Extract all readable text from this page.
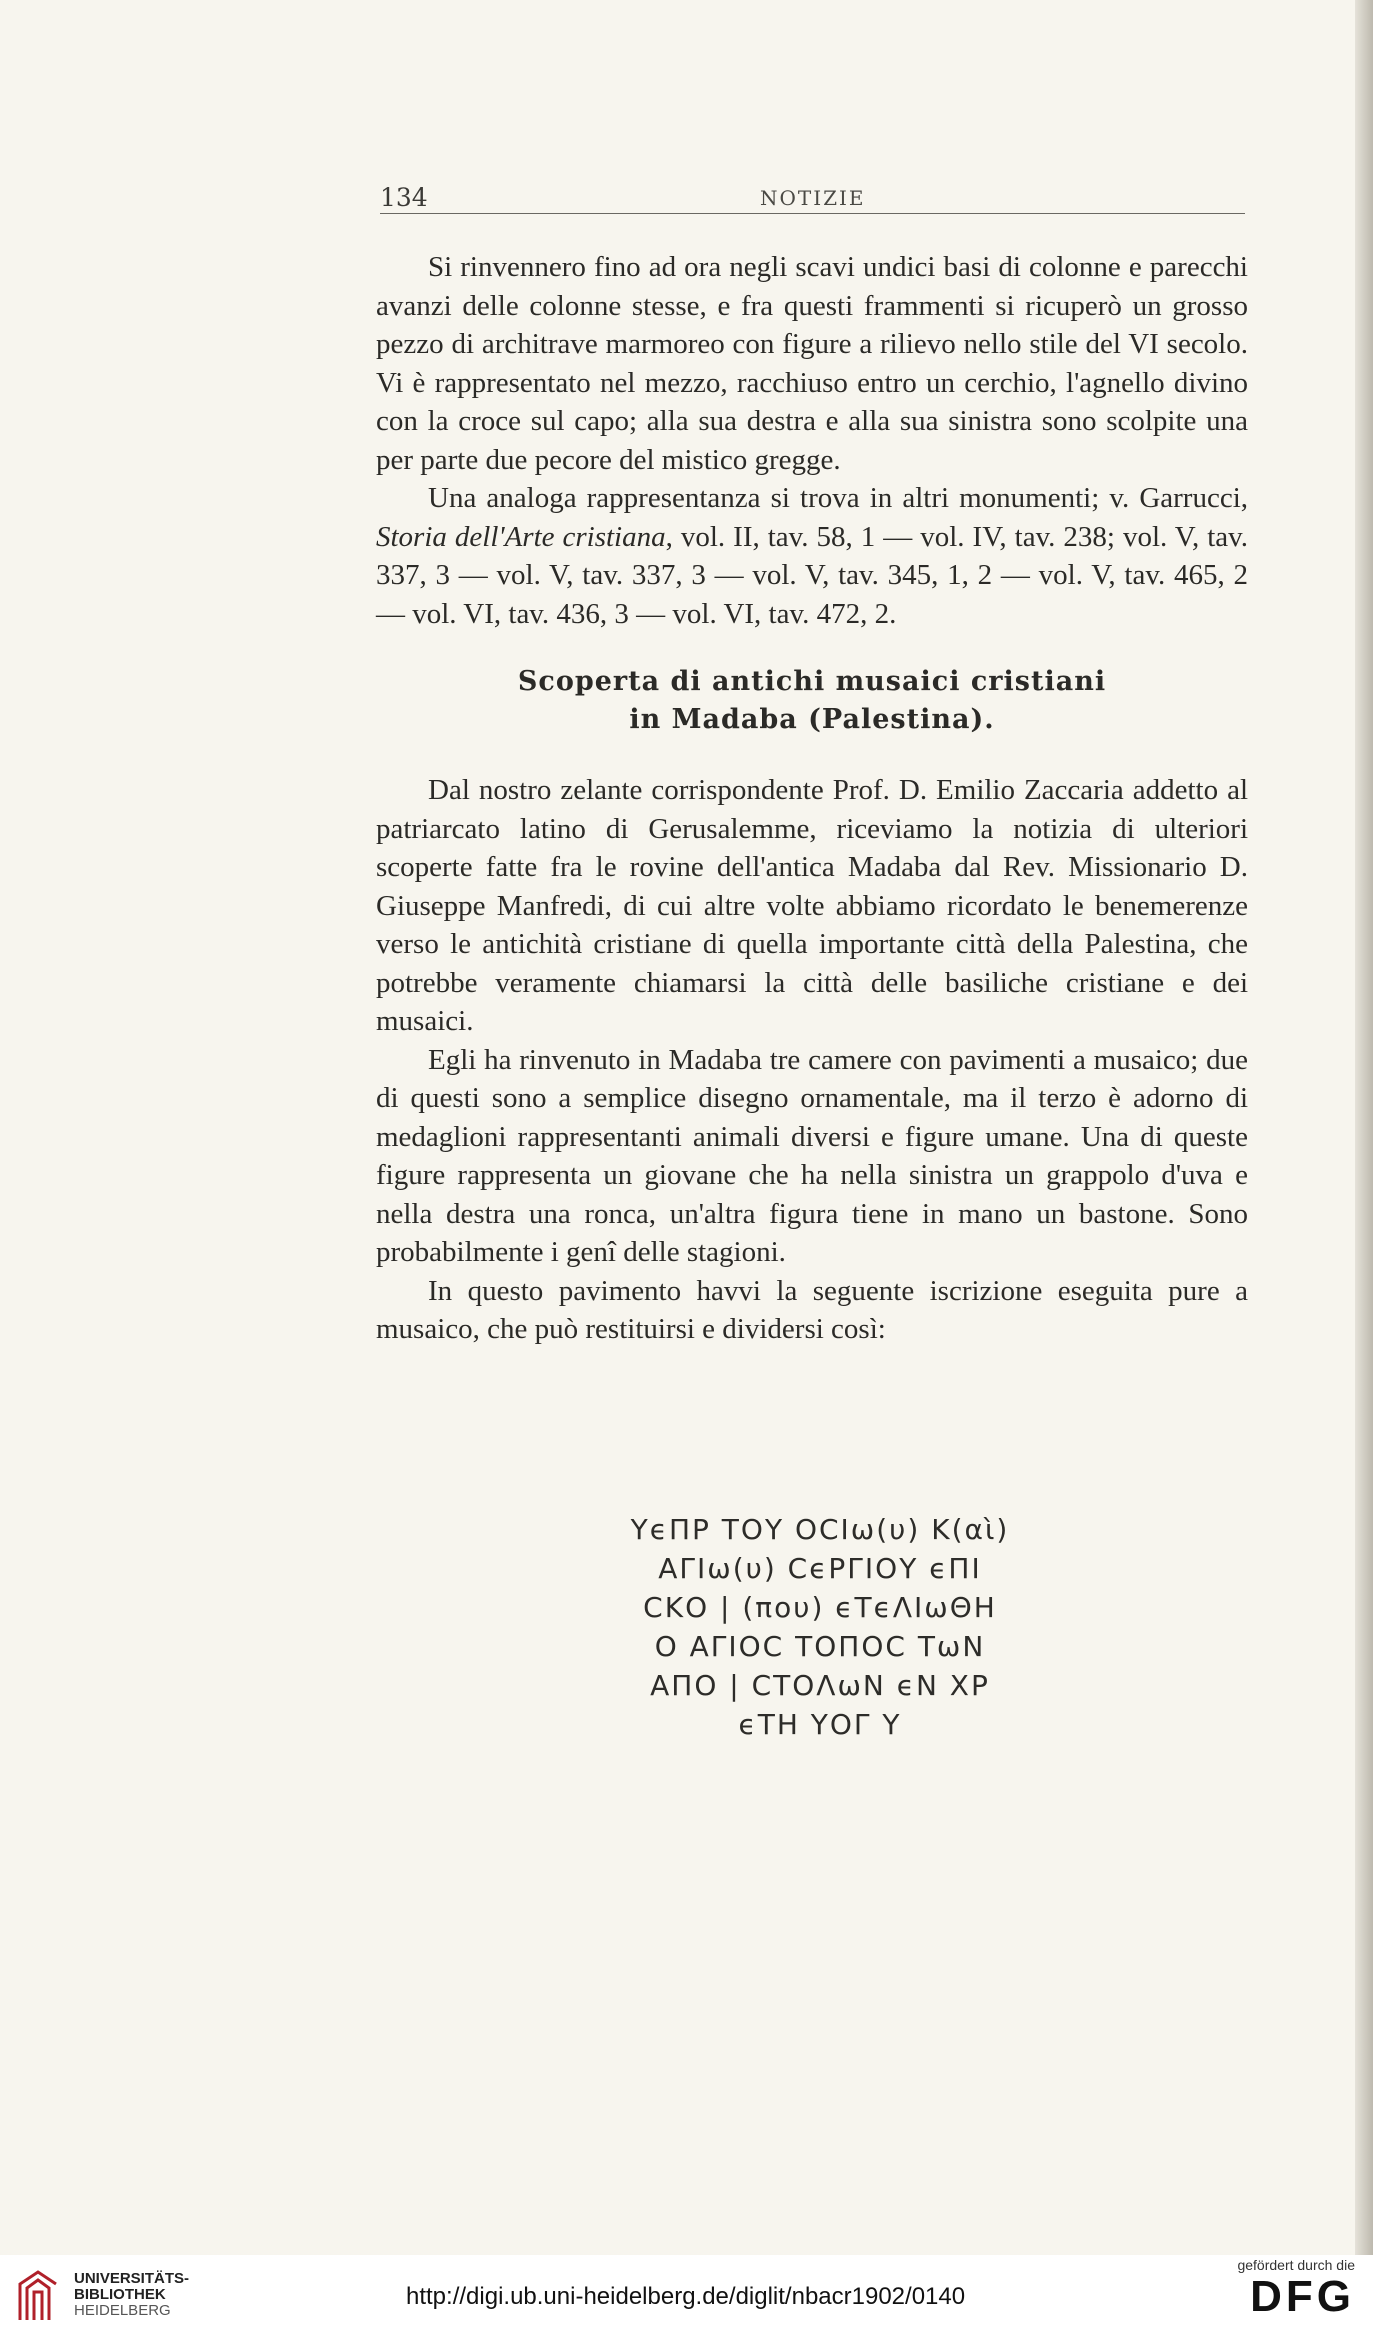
134	NOTIZIE

Si rinvennero fino ad ora negli scavi undici basi di colonne e parecchi avanzi delle colonne stesse, e fra questi frammenti si ricuperò un grosso pezzo di architrave marmoreo con figure a rilievo nello stile del VI secolo. Vi è rappresentato nel mezzo, racchiuso entro un cerchio, l'agnello divino con la croce sul capo; alla sua destra e alla sua sinistra sono scolpite una per parte due pecore del mistico gregge.

Una analoga rappresentanza si trova in altri monumenti; v. Garrucci, Storia dell'Arte cristiana, vol. II, tav. 58, 1 — vol. IV, tav. 238; vol. V, tav. 337, 3 — vol. V, tav. 337, 3 — vol. V, tav. 345, 1, 2 — vol. V, tav. 465, 2 — vol. VI, tav. 436, 3 — vol. VI, tav. 472, 2.

Scoperta di antichi musaici cristiani
in Madaba (Palestina).

Dal nostro zelante corrispondente Prof. D. Emilio Zaccaria addetto al patriarcato latino di Gerusalemme, riceviamo la notizia di ulteriori scoperte fatte fra le rovine dell'antica Madaba dal Rev. Missionario D. Giuseppe Manfredi, di cui altre volte abbiamo ricordato le benemerenze verso le antichità cristiane di quella importante città della Palestina, che potrebbe veramente chiamarsi la città delle basiliche cristiane e dei musaici.

Egli ha rinvenuto in Madaba tre camere con pavimenti a musaico; due di questi sono a semplice disegno ornamentale, ma il terzo è adorno di medaglioni rappresentanti animali diversi e figure umane. Una di queste figure rappresenta un giovane che ha nella sinistra un grappolo d'uva e nella destra una ronca, un'altra figura tiene in mano un bastone. Sono probabilmente i genî delle stagioni.

In questo pavimento havvi la seguente iscrizione eseguita pure a musaico, che può restituirsi e dividersi così:

ΥϵΠΡ ΤΟΥ ΟϹΙω(υ) Κ(αὶ)
ΑΓΙω(υ) ϹϵΡΓΙΟΥ ϵΠΙ
ϹΚΟ | (πoυ) ϵΤϵΛΙωΘΗ
Ο ΑΓΙΟϹ ΤΟΠΟϹ ΤωΝ
ΑΠΟ | ϹΤΟΛωΝ ϵΝ ΧΡ
ϵΤΗ ΥΟΓ Υ
UNIVERSITÄTS-
BIBLIOTHEK
HEIDELBERG
http://digi.ub.uni-heidelberg.de/diglit/nbacr1902/0140
gefördert durch die
DFG
